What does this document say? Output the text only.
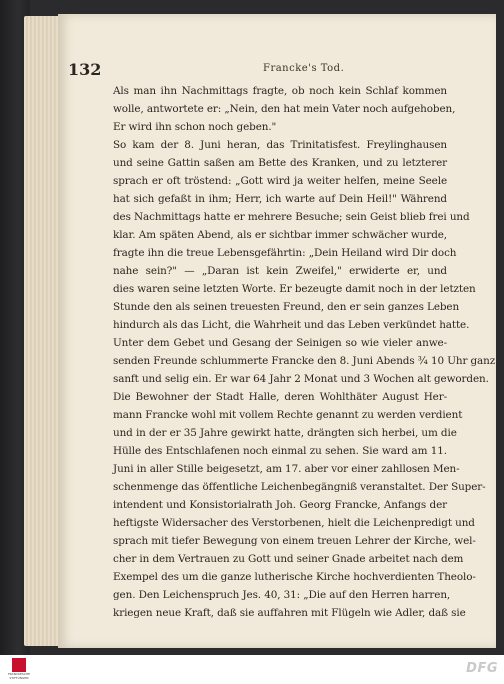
132	Francke's Tod.
Als man ihn Nachmittags fragte, ob noch kein Schlaf kommen
wolle, antwortete er: „Nein, den hat mein Vater noch aufgehoben,
Er wird ihn schon noch geben."
So kam der 8. Juni heran, das Trinitatisfest. Freylinghausen
und seine Gattin saßen am Bette des Kranken, und zu letzterer
sprach er oft tröstend: „Gott wird ja weiter helfen, meine Seele
hat sich gefaßt in ihm; Herr, ich warte auf Dein Heil!" Während
des Nachmittags hatte er mehrere Besuche; sein Geist blieb frei und
klar. Am späten Abend, als er sichtbar immer schwächer wurde,
fragte ihn die treue Lebensgefährtin: „Dein Heiland wird Dir doch
nahe sein?" — „Daran ist kein Zweifel," erwiderte er, und
dies waren seine letzten Worte. Er bezeugte damit noch in der letzten
Stunde den als seinen treuesten Freund, den er sein ganzes Leben
hindurch als das Licht, die Wahrheit und das Leben verkündet hatte.
Unter dem Gebet und Gesang der Seinigen so wie vieler anwe-
senden Freunde schlummerte Francke den 8. Juni Abends ¾ 10 Uhr ganz
sanft und selig ein. Er war 64 Jahr 2 Monat und 3 Wochen alt geworden.
Die Bewohner der Stadt Halle, deren Wohlthäter August Her-
mann Francke wohl mit vollem Rechte genannt zu werden verdient
und in der er 35 Jahre gewirkt hatte, drängten sich herbei, um die
Hülle des Entschlafenen noch einmal zu sehen. Sie ward am 11.
Juni in aller Stille beigesetzt, am 17. aber vor einer zahllosen Men-
schenmenge das öffentliche Leichenbegängniß veranstaltet. Der Super-
intendent und Konsistorialrath Joh. Georg Francke, Anfangs der
heftigste Widersacher des Verstorbenen, hielt die Leichenpredigt und
sprach mit tiefer Bewegung von einem treuen Lehrer der Kirche, wel-
cher in dem Vertrauen zu Gott und seiner Gnade arbeitet nach dem
Exempel des um die ganze lutherische Kirche hochverdienten Theolo-
gen. Den Leichenspruch Jes. 40, 31: „Die auf den Herren harren,
kriegen neue Kraft, daß sie auffahren mit Flügeln wie Adler, daß sie
FRANCKESCHE STIFTUNGEN
DFG
